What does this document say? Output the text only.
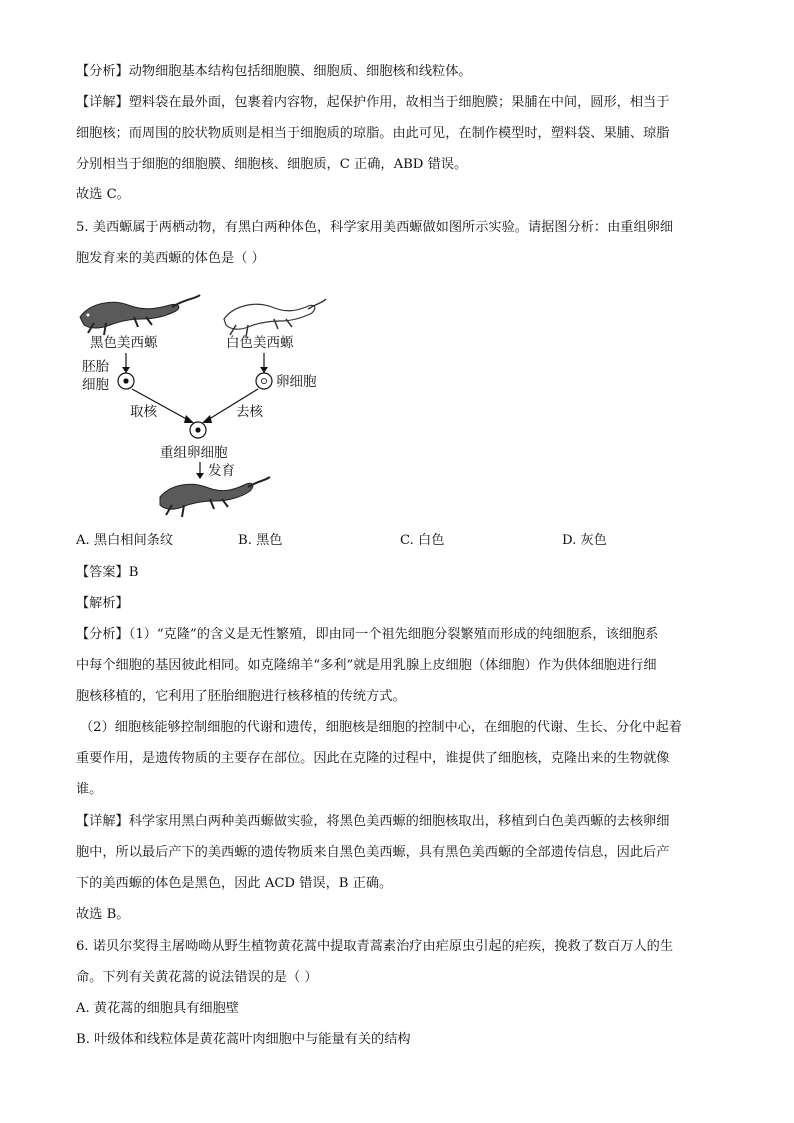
【分析】动物细胞基本结构包括细胞膜、细胞质、细胞核和线粒体。
【详解】塑料袋在最外面，包裹着内容物，起保护作用，故相当于细胞膜；果脯在中间，圆形，相当于
细胞核；而周围的胶状物质则是相当于细胞质的琼脂。由此可见，在制作模型时，塑料袋、果脯、琼脂
分别相当于细胞的细胞膜、细胞核、细胞质，C 正确，ABD 错误。
故选 C。
5. 美西螈属于两栖动物，有黑白两种体色，科学家用美西螈做如图所示实验。请据图分析：由重组卵细
胞发育来的美西螈的体色是（ ）
黑色美西螈	白色美西螈
胚胎
细胞	卵细胞
取核	去核
重组卵细胞
发育
A. 黑白相间条纹	B. 黑色	C. 白色	D. 灰色
【答案】B
【解析】
【分析】（1）“克隆”的含义是无性繁殖，即由同一个祖先细胞分裂繁殖而形成的纯细胞系，该细胞系
中每个细胞的基因彼此相同。如克隆绵羊“多利”就是用乳腺上皮细胞（体细胞）作为供体细胞进行细
胞核移植的，它利用了胚胎细胞进行核移植的传统方式。
（2）细胞核能够控制细胞的代谢和遗传，细胞核是细胞的控制中心，在细胞的代谢、生长、分化中起着
重要作用，是遗传物质的主要存在部位。因此在克隆的过程中，谁提供了细胞核，克隆出来的生物就像
谁。
【详解】科学家用黑白两种美西螈做实验，将黑色美西螈的细胞核取出，移植到白色美西螈的去核卵细
胞中，所以最后产下的美西螈的遗传物质来自黑色美西螈，具有黑色美西螈的全部遗传信息，因此后产
下的美西螈的体色是黑色，因此 ACD 错误，B 正确。
故选 B。
6. 诺贝尔奖得主屠呦呦从野生植物黄花蒿中提取青蒿素治疗由疟原虫引起的疟疾，挽救了数百万人的生
命。下列有关黄花蒿的说法错误的是（ ）
A. 黄花蒿的细胞具有细胞壁
B. 叶级体和线粒体是黄花蒿叶肉细胞中与能量有关的结构
